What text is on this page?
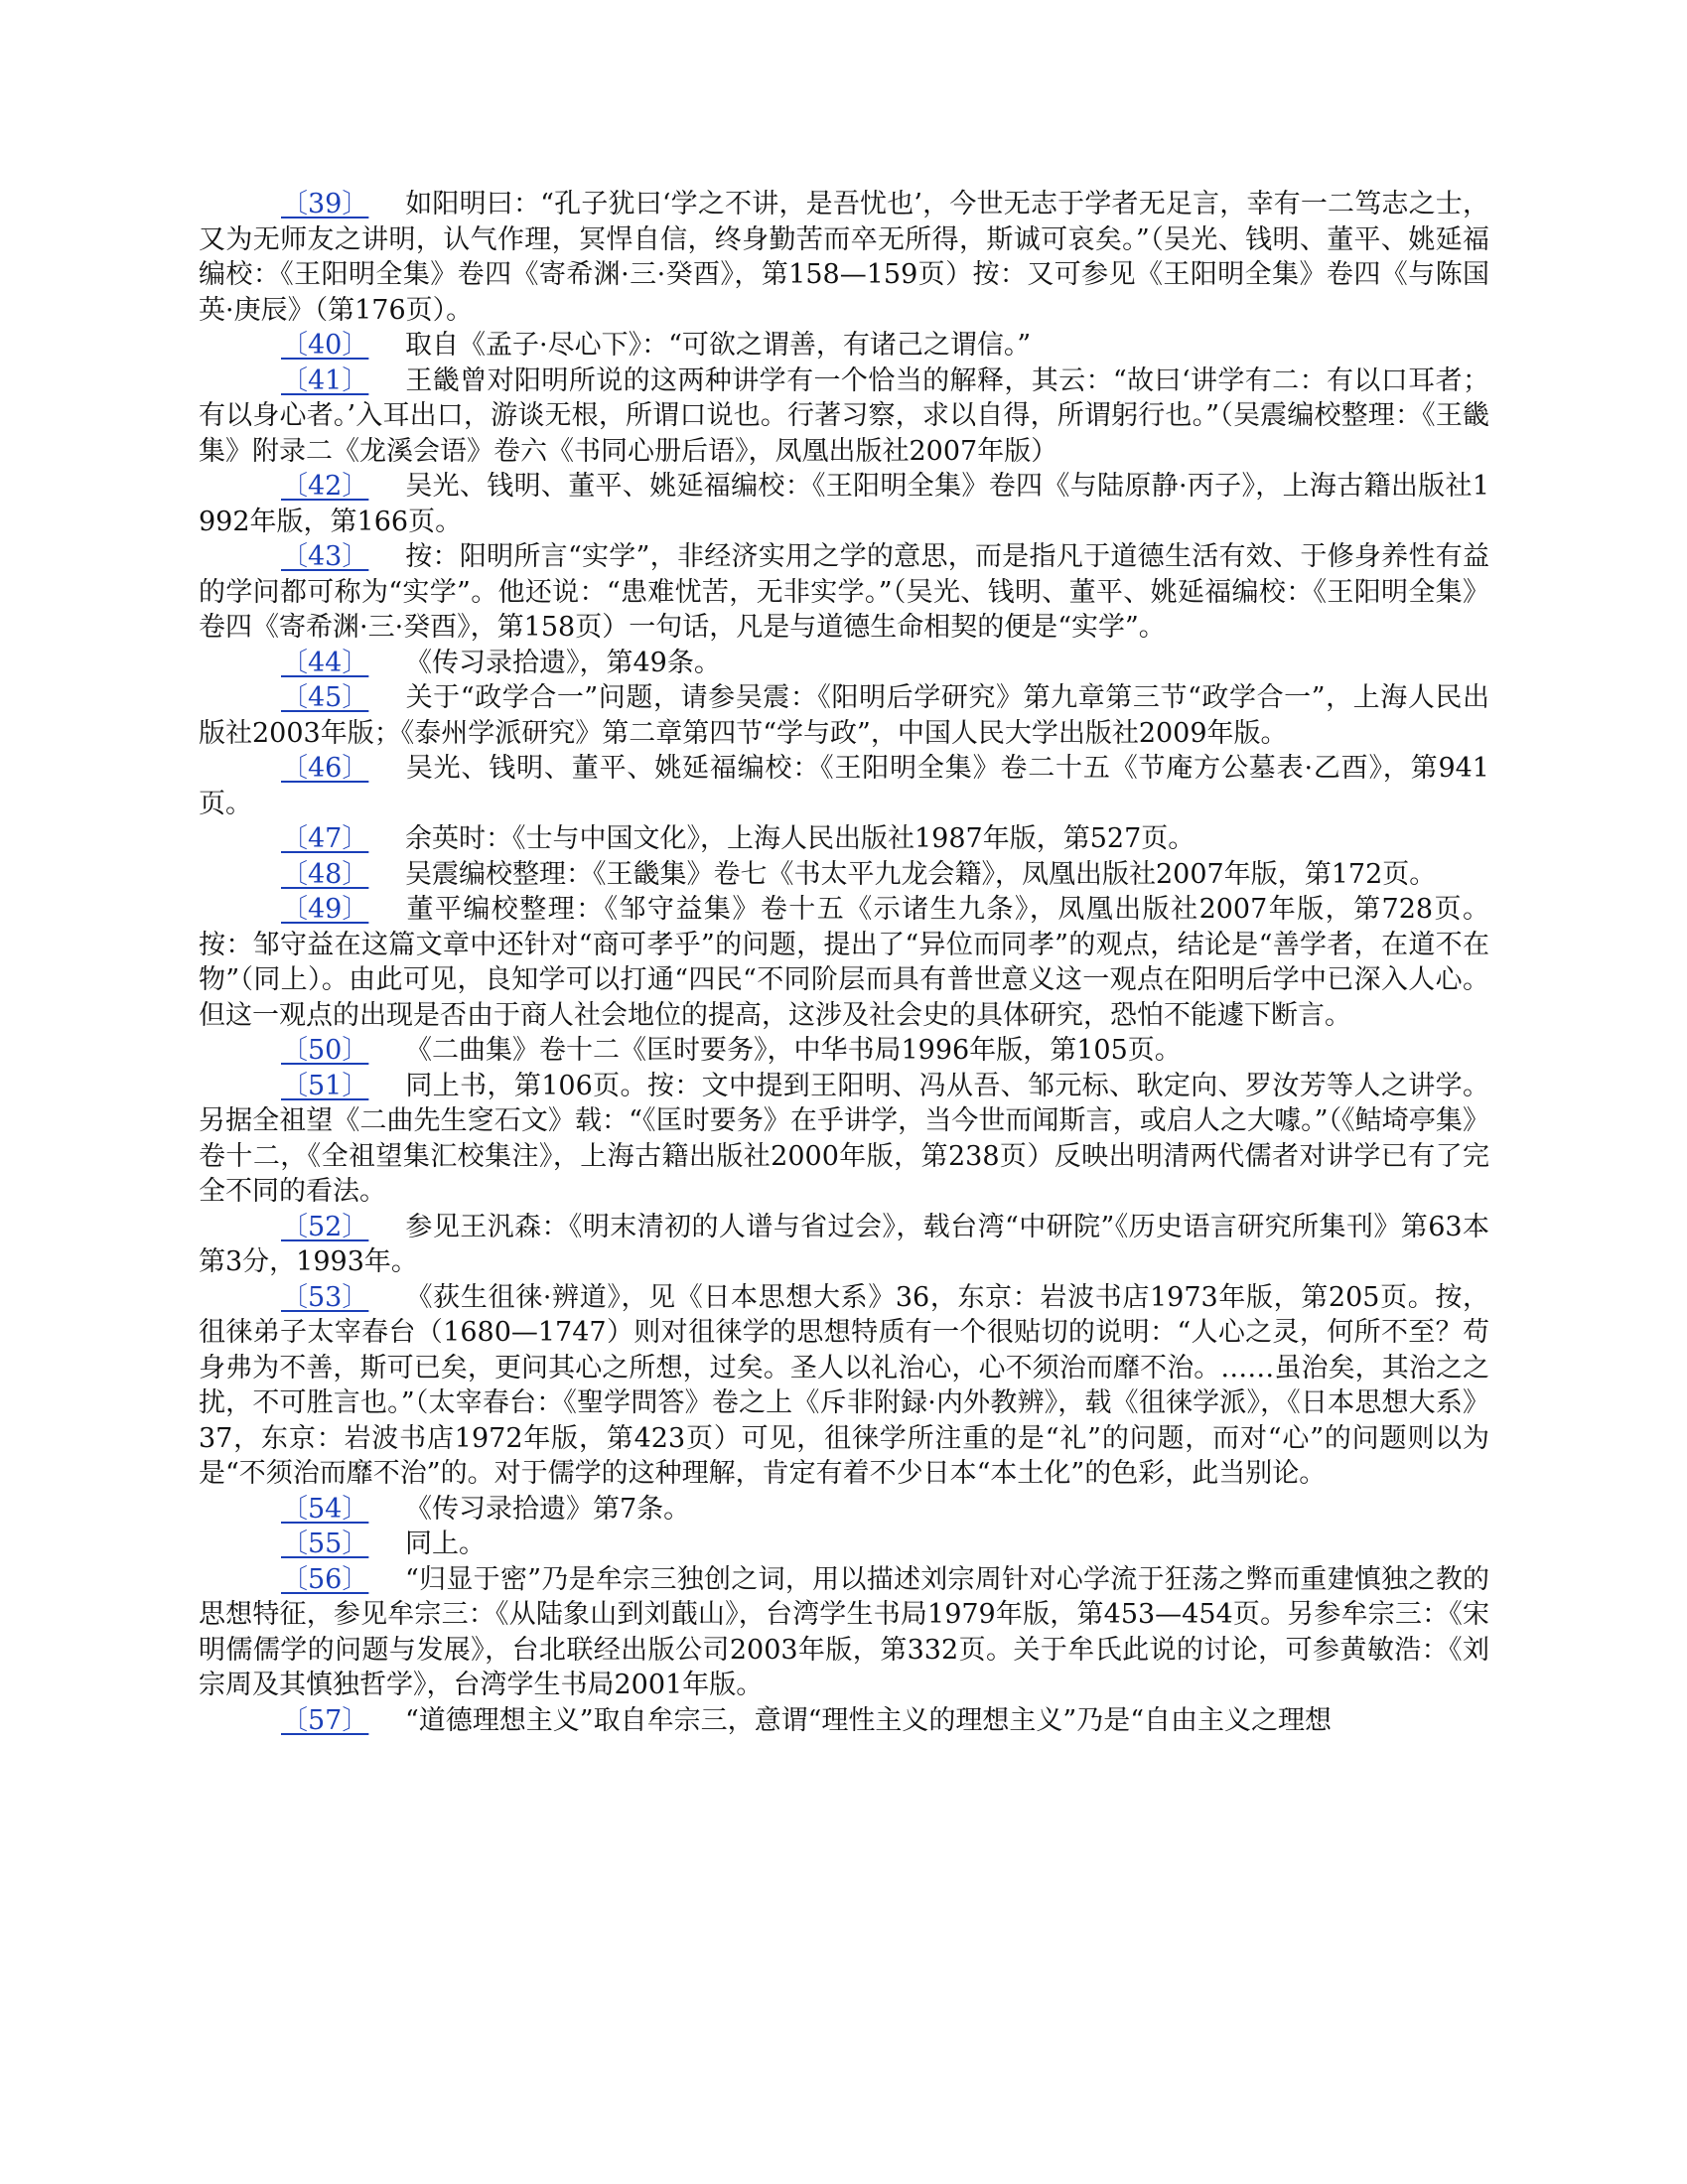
〔39〕 如阳明曰：“孔子犹曰‘学之不讲，是吾忧也’，今世无志于学者无足言，幸有一二笃志之士，又为无师友之讲明，认气作理，冥悍自信，终身勤苦而卒无所得，斯诚可哀矣。”（吴光、钱明、董平、姚延福编校：《王阳明全集》卷四《寄希渊·三·癸酉》，第158—159页）按：又可参见《王阳明全集》卷四《与陈国英·庚辰》（第176页）。

〔40〕 取自《孟子·尽心下》：“可欲之谓善，有诸己之谓信。”

〔41〕 王畿曾对阳明所说的这两种讲学有一个恰当的解释，其云：“故曰‘讲学有二：有以口耳者；有以身心者。’入耳出口，游谈无根，所谓口说也。行著习察，求以自得，所谓躬行也。”（吴震编校整理：《王畿集》附录二《龙溪会语》卷六《书同心册后语》，凤凰出版社2007年版）

〔42〕 吴光、钱明、董平、姚延福编校：《王阳明全集》卷四《与陆原静·丙子》，上海古籍出版社1992年版，第166页。

〔43〕 按：阳明所言“实学”，非经济实用之学的意思，而是指凡于道德生活有效、于修身养性有益的学问都可称为“实学”。他还说：“患难忧苦，无非实学。”（吴光、钱明、董平、姚延福编校：《王阳明全集》卷四《寄希渊·三·癸酉》，第158页）一句话，凡是与道德生命相契的便是“实学”。

〔44〕 《传习录拾遗》，第49条。

〔45〕 关于“政学合一”问题，请参吴震：《阳明后学研究》第九章第三节“政学合一”，上海人民出版社2003年版；《泰州学派研究》第二章第四节“学与政”，中国人民大学出版社2009年版。

〔46〕 吴光、钱明、董平、姚延福编校：《王阳明全集》卷二十五《节庵方公墓表·乙酉》，第941页。

〔47〕 余英时：《士与中国文化》，上海人民出版社1987年版，第527页。

〔48〕 吴震编校整理：《王畿集》卷七《书太平九龙会籍》，凤凰出版社2007年版，第172页。

〔49〕 董平编校整理：《邹守益集》卷十五《示诸生九条》，凤凰出版社2007年版，第728页。按：邹守益在这篇文章中还针对“商可孝乎”的问题，提出了“异位而同孝”的观点，结论是“善学者，在道不在物”（同上）。由此可见，良知学可以打通“四民“不同阶层而具有普世意义这一观点在阳明后学中已深入人心。但这一观点的出现是否由于商人社会地位的提高，这涉及社会史的具体研究，恐怕不能遽下断言。

〔50〕 《二曲集》卷十二《匡时要务》，中华书局1996年版，第105页。

〔51〕 同上书，第106页。按：文中提到王阳明、冯从吾、邹元标、耿定向、罗汝芳等人之讲学。另据全祖望《二曲先生窆石文》载：“《匡时要务》在乎讲学，当今世而闻斯言，或启人之大噱。”（《鲒埼亭集》卷十二，《全祖望集汇校集注》，上海古籍出版社2000年版，第238页）反映出明清两代儒者对讲学已有了完全不同的看法。

〔52〕 参见王汎森：《明末清初的人谱与省过会》，载台湾“中研院”《历史语言研究所集刊》第63本第3分，1993年。

〔53〕 《荻生徂徕·辨道》，见《日本思想大系》36，东京：岩波书店1973年版，第205页。按，徂徕弟子太宰春台（1680—1747）则对徂徕学的思想特质有一个很贴切的说明：“人心之灵，何所不至？苟身弗为不善，斯可已矣，更问其心之所想，过矣。圣人以礼治心，心不须治而靡不治。……虽治矣，其治之之扰，不可胜言也。”（太宰春台：《聖学問答》卷之上《斥非附録·内外教辨》，载《徂徕学派》，《日本思想大系》37，东京：岩波书店1972年版，第423页）可见，徂徕学所注重的是“礼”的问题，而对“心”的问题则以为是“不须治而靡不治”的。对于儒学的这种理解，肯定有着不少日本“本土化”的色彩，此当别论。

〔54〕 《传习录拾遗》第7条。

〔55〕 同上。

〔56〕 “归显于密”乃是牟宗三独创之词，用以描述刘宗周针对心学流于狂荡之弊而重建慎独之教的思想特征，参见牟宗三：《从陆象山到刘蕺山》，台湾学生书局1979年版，第453—454页。另参牟宗三：《宋明儒儒学的问题与发展》，台北联经出版公司2003年版，第332页。关于牟氏此说的讨论，可参黄敏浩：《刘宗周及其慎独哲学》，台湾学生书局2001年版。

〔57〕 “道德理想主义”取自牟宗三，意谓“理性主义的理想主义”乃是“自由主义之理想
